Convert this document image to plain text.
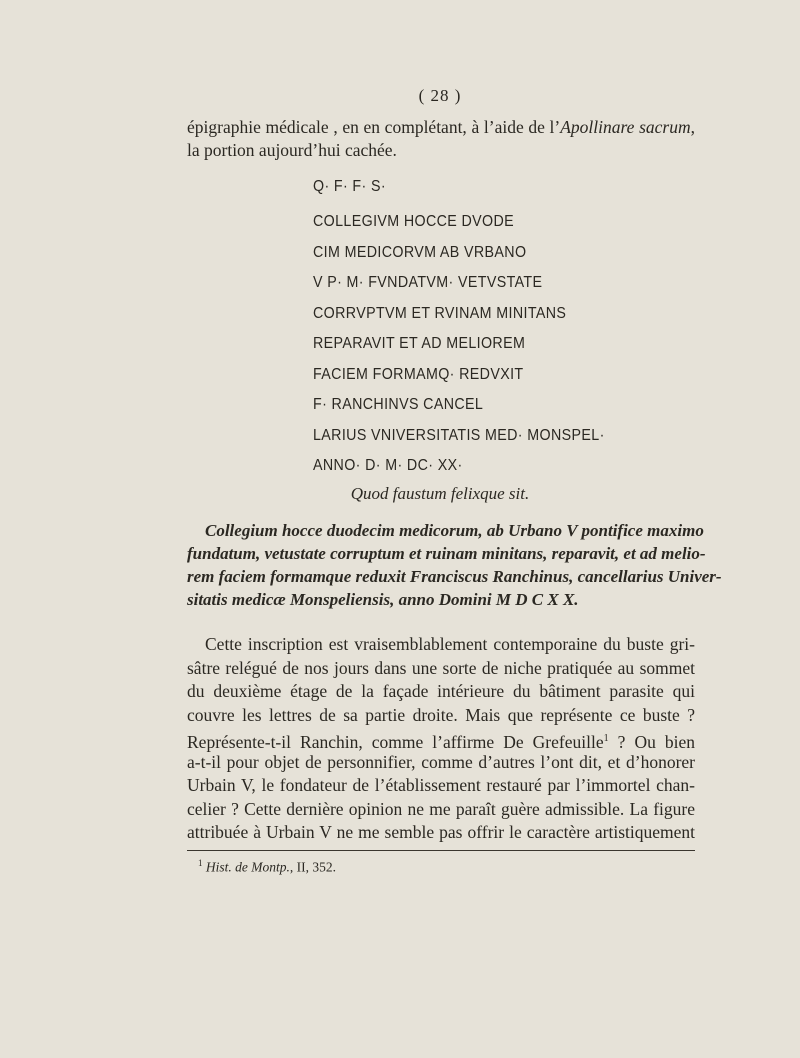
( 28 )
épigraphie médicale , en en complétant, à l’aide de l’Apollinare sacrum,
la portion aujourd’hui cachée.
Q· F· F· S·
COLLEGIVM HOCCE DVODE
CIM MEDICORVM AB VRBANO
V P· M· FVNDATVM· VETVSTATE
CORRVPTVM ET RVINAM MINITANS
REPARAVIT ET AD MELIOREM
FACIEM FORMAMQ· REDVXIT
F· RANCHINVS CANCEL
LARIUS VNIVERSITATIS MED· MONSPEL·
ANNO· D· M· DC· XX·
Quod faustum felixque sit.
Collegium hocce duodecim medicorum, ab Urbano V pontifice maximo
fundatum, vetustate corruptum et ruinam minitans, reparavit, et ad melio-
rem faciem formamque reduxit Franciscus Ranchinus, cancellarius Univer-
sitatis medicæ Monspeliensis, anno Domini M D C X X.
Cette inscription est vraisemblablement contemporaine du buste gri-
sâtre relégué de nos jours dans une sorte de niche pratiquée au sommet
du deuxième étage de la façade intérieure du bâtiment parasite qui
couvre les lettres de sa partie droite. Mais que représente ce buste ?
Représente-t-il Ranchin, comme l’affirme De Grefeuille$^1$ ? Ou bien
a-t-il pour objet de personnifier, comme d’autres l’ont dit, et d’honorer
Urbain V, le fondateur de l’établissement restauré par l’immortel chan-
celier ? Cette dernière opinion ne me paraît guère admissible. La figure
attribuée à Urbain V ne me semble pas offrir le caractère artistiquement
$^1$ Hist. de Montp., II, 352.
